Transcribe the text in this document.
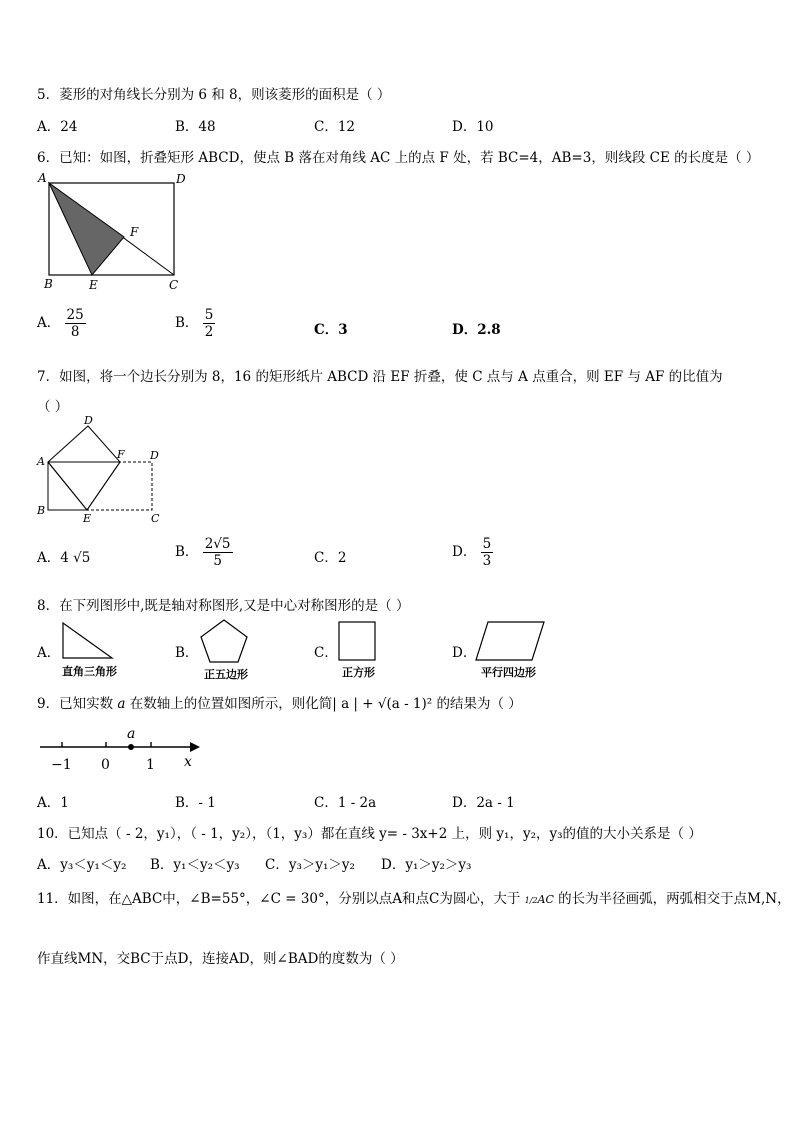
5．菱形的对角线长分别为 6 和 8，则该菱形的面积是（ ）
A．24	B．48	C．12	D．10
6．已知：如图，折叠矩形 ABCD，使点 B 落在对角线 AC 上的点 F 处，若 BC=4，AB=3，则线段 CE 的长度是（ ）
A	D
F
B	E	C
A． $\frac{25}{8}$	B． $\frac{5}{2}$	C．3	D．2.8
7．如图，将一个边长分别为 8，16 的矩形纸片 ABCD 沿 EF 折叠，使 C 点与 A 点重合，则 EF 与 AF 的比值为
（ ）
D
A
F D
B
E	C
A．4 √5	B． $\frac{2√5}{5}$	C．2	D． $\frac{5}{3}$
8．在下列图形中,既是轴对称图形,又是中心对称图形的是（ ）
A．
直角三角形
B．
正五边形
C．
正方形
D．
平行四边形
9．已知实数 a 在数轴上的位置如图所示，则化简| a | + √(a - 1)² 的结果为（ ）
a
−1 0	1 x
A．1	B．- 1	C．1 - 2a	D．2a - 1
10．已知点（ - 2，y₁），（ - 1，y₂），（1，y₃）都在直线 y= - 3x+2 上，则 y₁，y₂，y₃的值的大小关系是（ ）
A．y₃＜y₁＜y₂ B．y₁＜y₂＜y₃ C．y₃＞y₁＞y₂ D．y₁＞y₂＞y₃
11．如图，在△ABC中，∠B=55°，∠C = 30°，分别以点A和点C为圆心，大于 1/2AC 的长为半径画弧，两弧相交于点M,N，
作直线MN，交BC于点D，连接AD，则∠BAD的度数为（ ）
